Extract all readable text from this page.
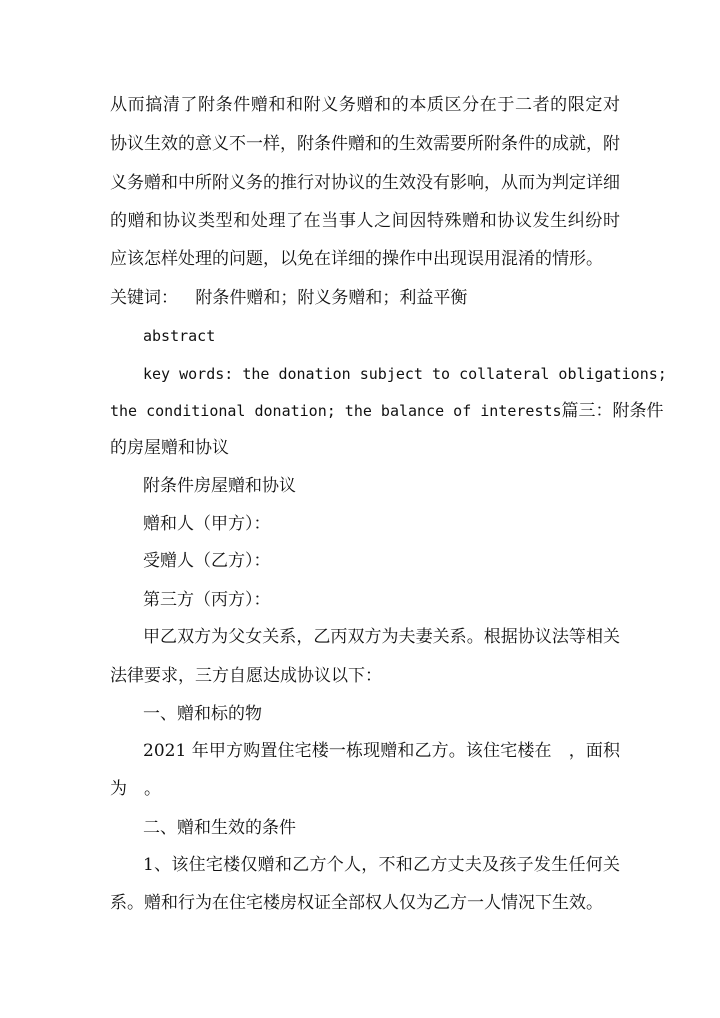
从而搞清了附条件赠和和附义务赠和的本质区分在于二者的限定对
协议生效的意义不一样，附条件赠和的生效需要所附条件的成就，附
义务赠和中所附义务的推行对协议的生效没有影响，从而为判定详细
的赠和协议类型和处理了在当事人之间因特殊赠和协议发生纠纷时
应该怎样处理的问题，以免在详细的操作中出现误用混淆的情形。
关键词： 附条件赠和；附义务赠和；利益平衡
abstract
key words: the donation subject to collateral obligations;
the conditional donation; the balance of interests篇三：附条件
的房屋赠和协议
附条件房屋赠和协议
赠和人（甲方）：
受赠人（乙方）：
第三方（丙方）：
甲乙双方为父女关系，乙丙双方为夫妻关系。根据协议法等相关
法律要求，三方自愿达成协议以下：
一、赠和标的物
2021 年甲方购置住宅楼一栋现赠和乙方。该住宅楼在　，面积
为　。
二、赠和生效的条件
1、该住宅楼仅赠和乙方个人，不和乙方丈夫及孩子发生任何关
系。赠和行为在住宅楼房权证全部权人仅为乙方一人情况下生效。
